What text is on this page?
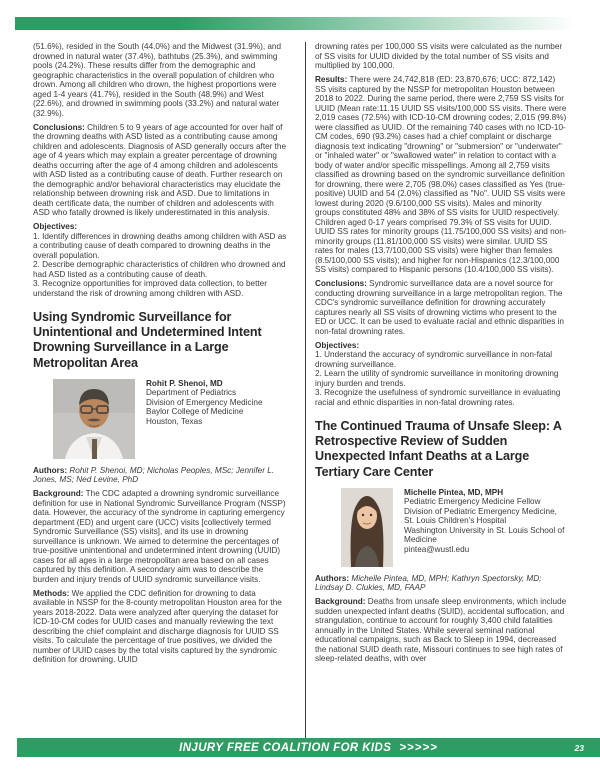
(51.6%), resided in the South (44.0%) and the Midwest (31.9%), and drowned in natural water (37.4%), bathtubs (25.3%), and swimming pools (24.2%). These results differ from the demographic and geographic characteristics in the overall population of children who drown. Among all children who drown, the highest proportions were aged 1-4 years (41.7%), resided in the South (48.9%) and West (22.6%), and drowned in swimming pools (33.2%) and natural water (32.9%).

Conclusions: Children 5 to 9 years of age accounted for over half of the drowning deaths with ASD listed as a contributing cause among children and adolescents. Diagnosis of ASD generally occurs after the age of 4 years which may explain a greater percentage of drowning deaths occurring after the age of 4 among children and adolescents with ASD listed as a contributing cause of death. Further research on the demographic and/or behavioral characteristics may elucidate the relationship between drowning risk and ASD. Due to limitations in death certificate data, the number of children and adolescents with ASD who fatally drowned is likely underestimated in this analysis.

Objectives:
1. Identify differences in drowning deaths among children with ASD as a contributing cause of death compared to drowning deaths in the overall population.
2. Describe demographic characteristics of children who drowned and had ASD listed as a contributing cause of death.
3. Recognize opportunities for improved data collection, to better understand the risk of drowning among children with ASD.
Using Syndromic Surveillance for Unintentional and Undetermined Intent Drowning Surveillance in a Large Metropolitan Area
Rohit P. Shenoi, MD
Department of Pediatrics
Division of Emergency Medicine
Baylor College of Medicine
Houston, Texas

Authors: Rohit P. Shenoi, MD; Nicholas Peoples, MSc; Jennifer L. Jones, MS; Ned Levine, PhD

Background: The CDC adapted a drowning syndromic surveillance definition for use in National Syndromic Surveillance Program (NSSP) data. However, the accuracy of the syndrome in capturing emergency department (ED) and urgent care (UCC) visits [collectively termed Syndromic Surveillance (SS) visits], and its use in drowning surveillance is unknown. We aimed to determine the percentages of true-positive unintentional and undetermined intent drowning (UUID) cases for all ages in a large metropolitan area based on all cases captured by this definition. A secondary aim was to describe the burden and injury trends of UUID syndromic surveillance visits.

Methods: We applied the CDC definition for drowning to data available in NSSP for the 8-county metropolitan Houston area for the years 2018-2022. Data were analyzed after querying the dataset for ICD-10-CM codes for UUID cases and manually reviewing the text describing the chief complaint and discharge diagnosis for UUID SS visits. To calculate the percentage of true positives, we divided the number of UUID cases by the total visits captured by the syndromic definition for drowning. UUID

drowning rates per 100,000 SS visits were calculated as the number of SS visits for UUID divided by the total number of SS visits and multiplied by 100,000.

Results: There were 24,742,818 (ED: 23,870,676; UCC: 872,142) SS visits captured by the NSSP for metropolitan Houston between 2018 to 2022. During the same period, there were 2,759 SS visits for UUID (Mean rate:11.15 UUID SS visits/100,000 SS visits. There were 2,019 cases (72.5%) with ICD-10-CM drowning codes; 2,015 (99.8%) were classified as UUID. Of the remaining 740 cases with no ICD-10-CM codes, 690 (93.2%) cases had a chief complaint or discharge diagnosis text indicating "drowning" or "submersion" or "underwater" or "inhaled water" or "swallowed water" in relation to contact with a body of water and/or specific misspellings. Among all 2,759 visits classified as drowning based on the syndromic surveillance definition for drowning, there were 2,705 (98.0%) cases classified as Yes (true-positive) UUID and 54 (2.0%) classified as "No". UUID SS visits were lowest during 2020 (9.6/100,000 SS visits). Males and minority groups constituted 48% and 38% of SS visits for UUID respectively. Children aged 0-17 years comprised 79.3% of SS visits for UUID. UUID SS rates for minority groups (11.75/100,000 SS visits) and non-minority groups (11.81/100,000 SS visits) were similar. UUID SS rates for males (13.7/100,000 SS visits) were higher than females (8.5/100,000 SS visits); and higher for non-Hispanics (12.3/100,000 SS visits) compared to Hispanic persons (10.4/100,000 SS visits).

Conclusions: Syndromic surveillance data are a novel source for conducting drowning surveillance in a large metropolitan region. The CDC's syndromic surveillance definition for drowning accurately captures nearly all SS visits of drowning victims who present to the ED or UCC. It can be used to evaluate racial and ethnic disparities in non-fatal drowning rates.

Objectives:
1. Understand the accuracy of syndromic surveillance in non-fatal drowning surveillance.
2. Learn the utility of syndromic surveillance in monitoring drowning injury burden and trends.
3. Recognize the usefulness of syndromic surveillance in evaluating racial and ethnic disparities in non-fatal drowning rates.
The Continued Trauma of Unsafe Sleep: A Retrospective Review of Sudden Unexpected Infant Deaths at a Large Tertiary Care Center
Michelle Pintea, MD, MPH
Pediatric Emergency Medicine Fellow
Division of Pediatric Emergency Medicine, St. Louis Children's Hospital
Washington University in St. Louis School of Medicine
pintea@wustl.edu

Authors: Michelle Pintea, MD, MPH; Kathryn Spectorsky, MD; Lindsay D. Clukies, MD, FAAP

Background: Deaths from unsafe sleep environments, which include sudden unexpected infant deaths (SUID), accidental suffocation, and strangulation, continue to account for roughly 3,400 child fatalities annually in the United States. While several seminal national educational campaigns, such as Back to Sleep in 1994, decreased the national SUID death rate, Missouri continues to see high rates of sleep-related deaths, with over

INJURY FREE COALITION FOR KIDS >>>>>	23
